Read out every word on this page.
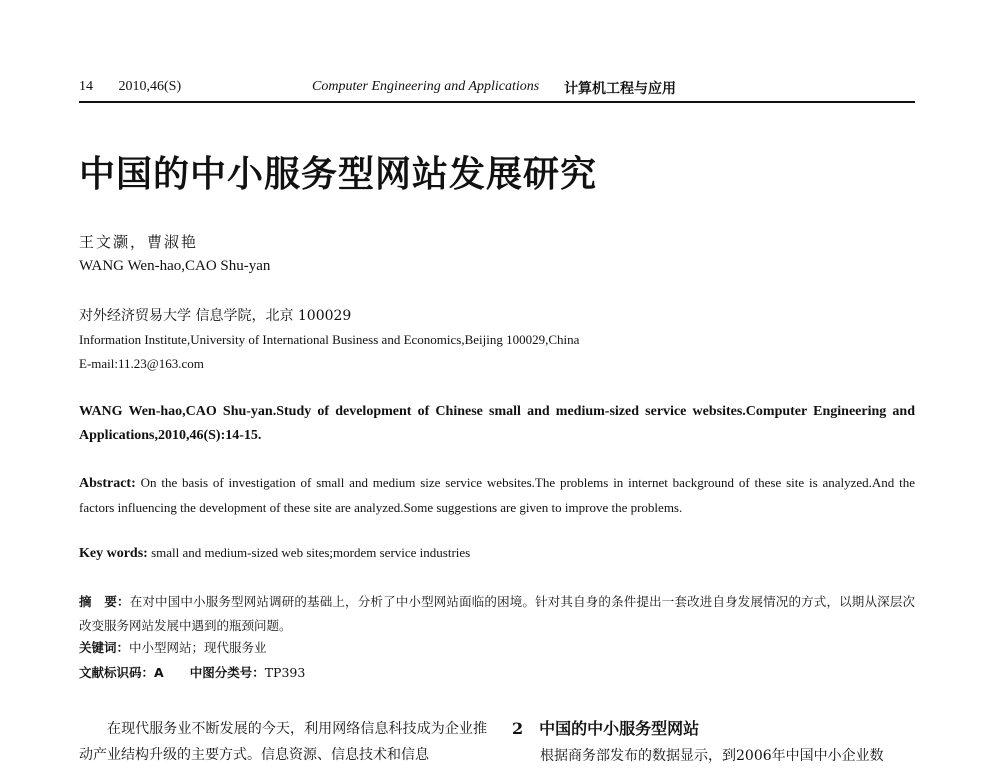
14 2010,46(S)	Computer Engineering and Applications 计算机工程与应用
中国的中小服务型网站发展研究
王文灏，曹淑艳
WANG Wen-hao,CAO Shu-yan
对外经济贸易大学 信息学院，北京 100029
Information Institute,University of International Business and Economics,Beijing 100029,China
E-mail:11.23@163.com
WANG Wen-hao,CAO Shu-yan.Study of development of Chinese small and medium-sized service websites.Computer Engineering and Applications,2010,46(S):14-15.
Abstract: On the basis of investigation of small and medium size service websites.The problems in internet background of these site is analyzed.And the factors influencing the development of these site are analyzed.Some suggestions are given to improve the problems.
Key words: small and medium-sized web sites;mordem service industries
摘　要：在对中国中小服务型网站调研的基础上，分析了中小型网站面临的困境。针对其自身的条件提出一套改进自身发展情况的方式，以期从深层次改变服务网站发展中遇到的瓶颈问题。
关键词：中小型网站；现代服务业
文献标识码：A 中图分类号：TP393
在现代服务业不断发展的今天，利用网络信息科技成为企业推动产业结构升级的主要方式。信息资源、信息技术和信息
2 中国的中小服务型网站
根据商务部发布的数据显示，到2006年中国中小企业数
